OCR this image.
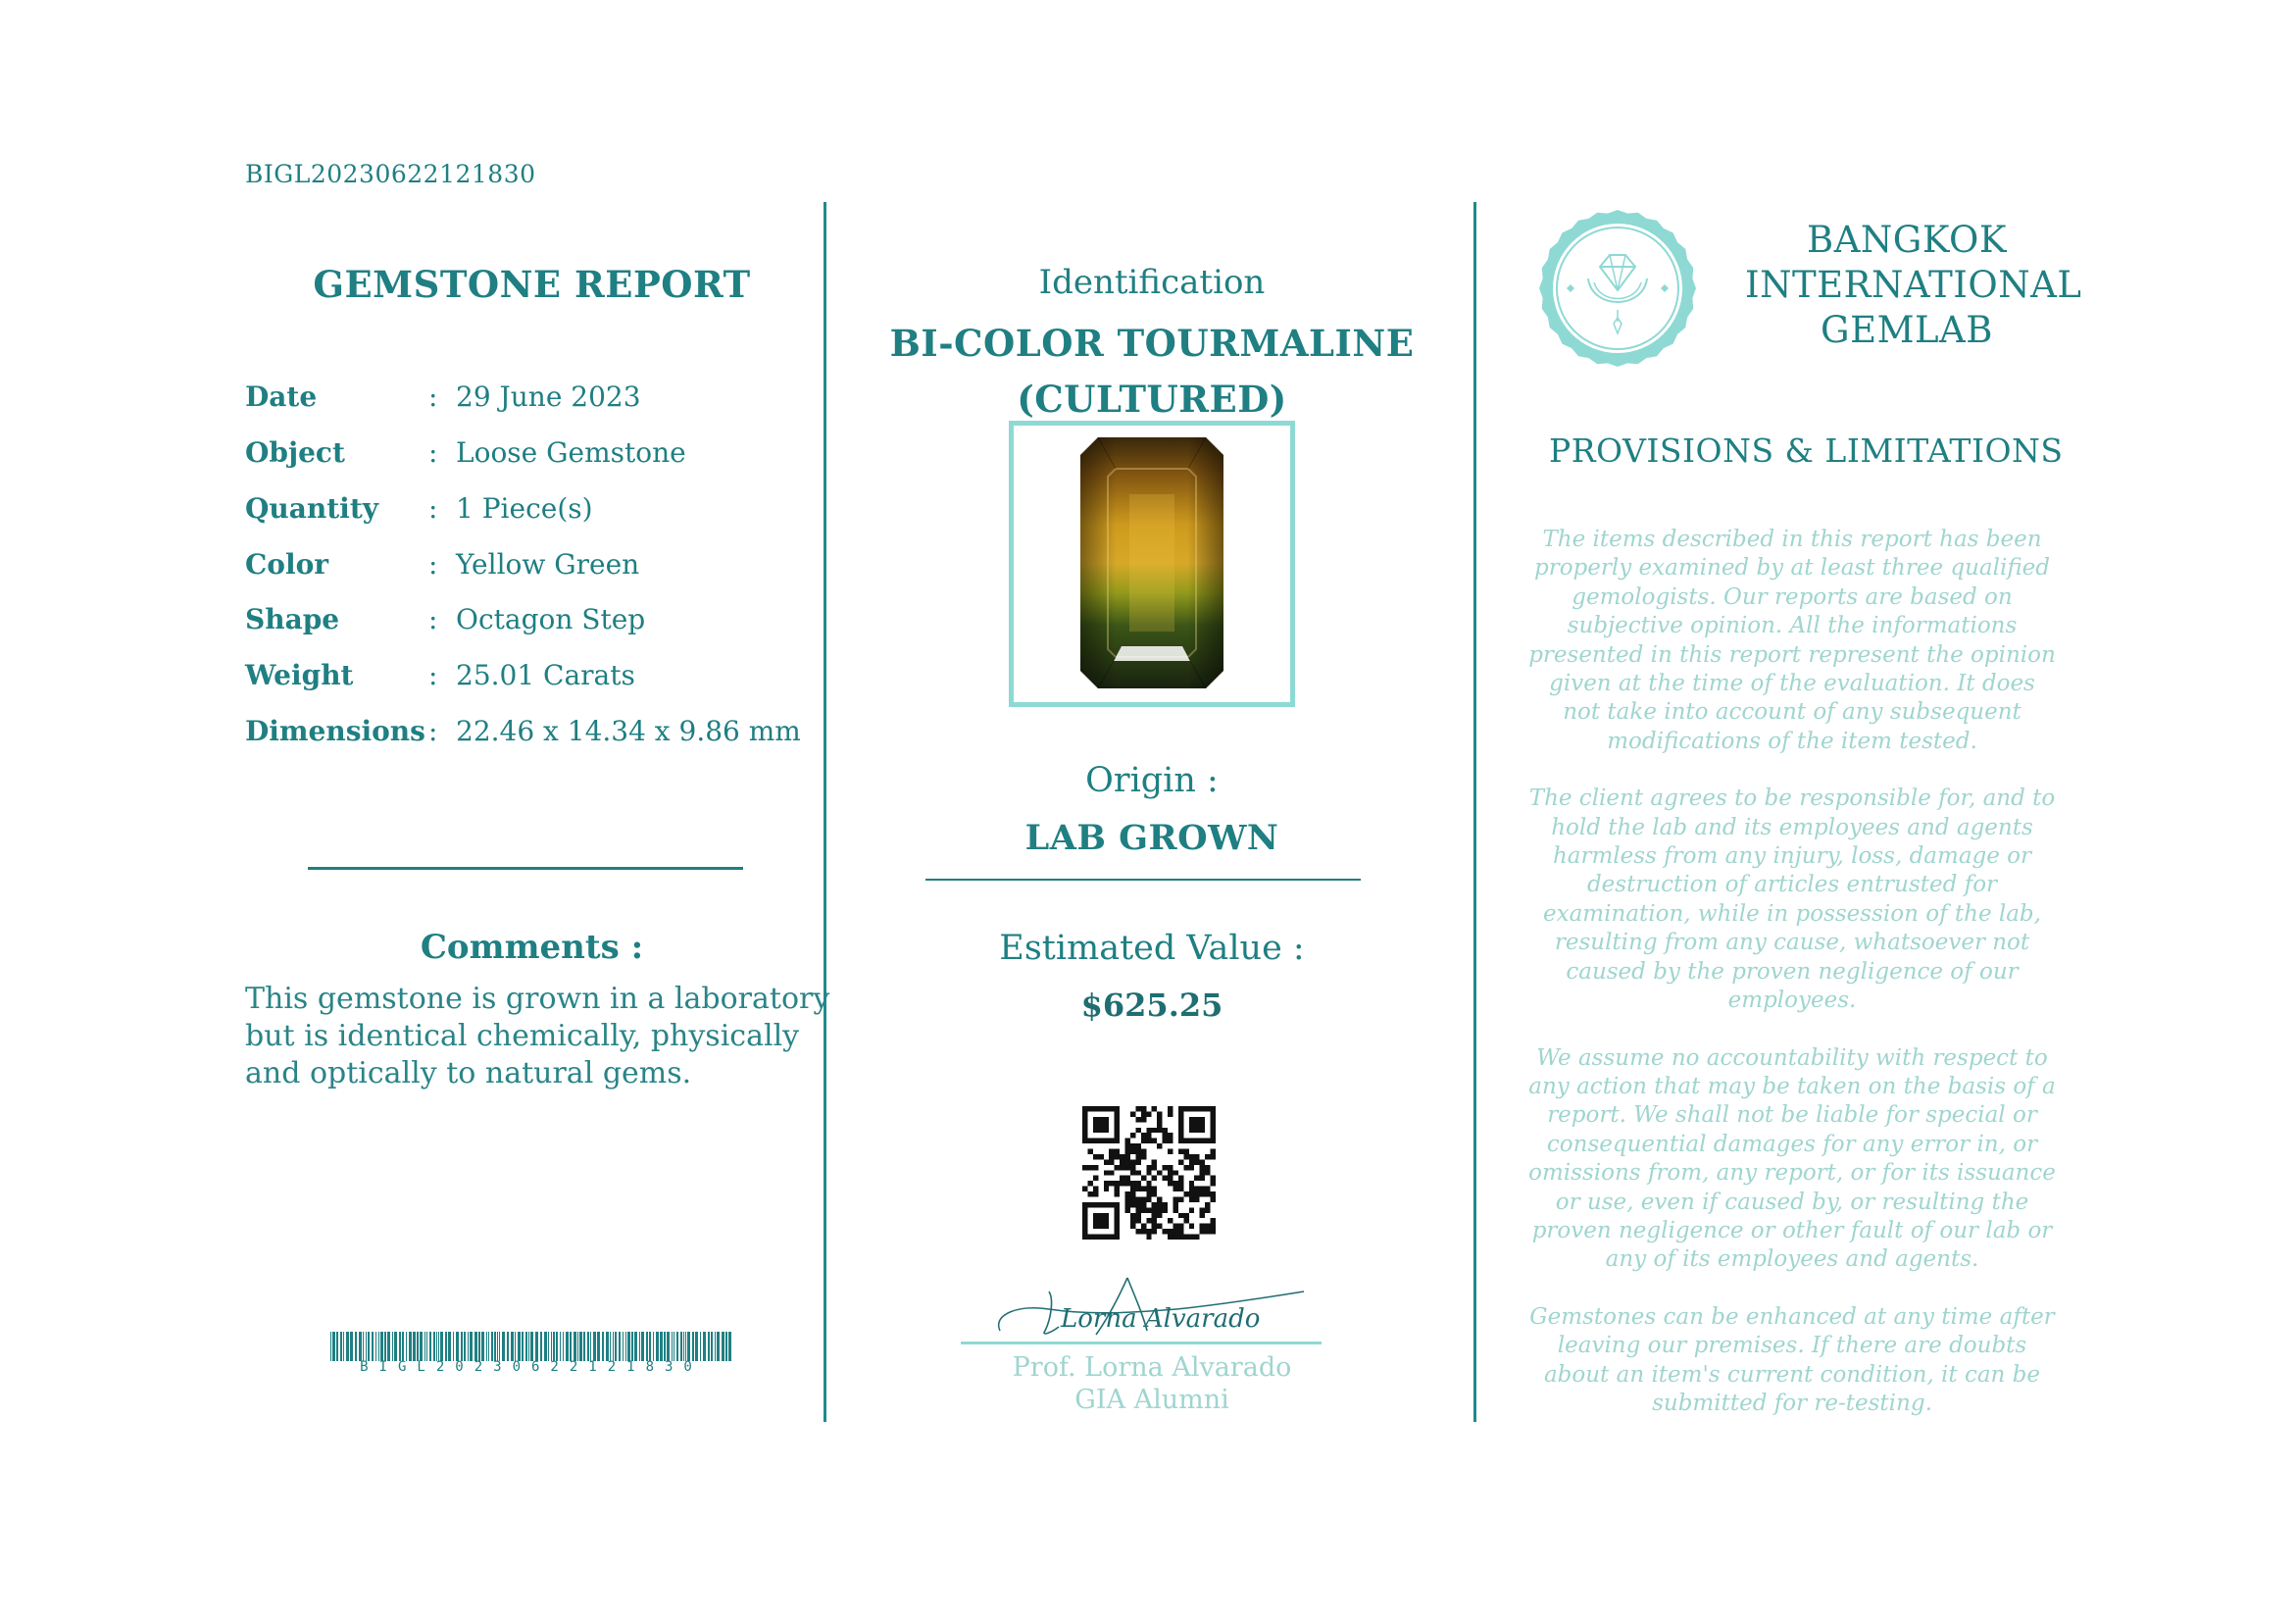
BIGL20230622121830
GEMSTONE REPORT
Date	: 29 June 2023
Object	: Loose Gemstone
Quantity : 1 Piece(s)
Color	: Yellow Green
Shape	: Octagon Step
Weight	: 25.01 Carats
Dimensions : 22.46 x 14.34 x 9.86 mm
Comments :
This gemstone is grown in a laboratory but is identical chemically, physically and optically to natural gems.
BIGL20230622121830
Identification
BI-COLOR TOURMALINE
(CULTURED)
Origin :
LAB GROWN
Estimated Value :
$625.25
Lorna Alvarado
Prof. Lorna Alvarado
GIA Alumni
BANGKOK
INTERNATIONAL
GEMLAB
PROVISIONS & LIMITATIONS

The items described in this report has been properly examined by at least three qualified gemologists. Our reports are based on subjective opinion. All the informations presented in this report represent the opinion given at the time of the evaluation. It does not take into account of any subsequent modifications of the item tested.

The client agrees to be responsible for, and to hold the lab and its employees and agents harmless from any injury, loss, damage or destruction of articles entrusted for examination, while in possession of the lab, resulting from any cause, whatsoever not caused by the proven negligence of our employees.

We assume no accountability with respect to any action that may be taken on the basis of a report. We shall not be liable for special or consequential damages for any error in, or omissions from, any report, or for its issuance or use, even if caused by, or resulting the proven negligence or other fault of our lab or any of its employees and agents.

Gemstones can be enhanced at any time after leaving our premises. If there are doubts about an item's current condition, it can be submitted for re-testing.
